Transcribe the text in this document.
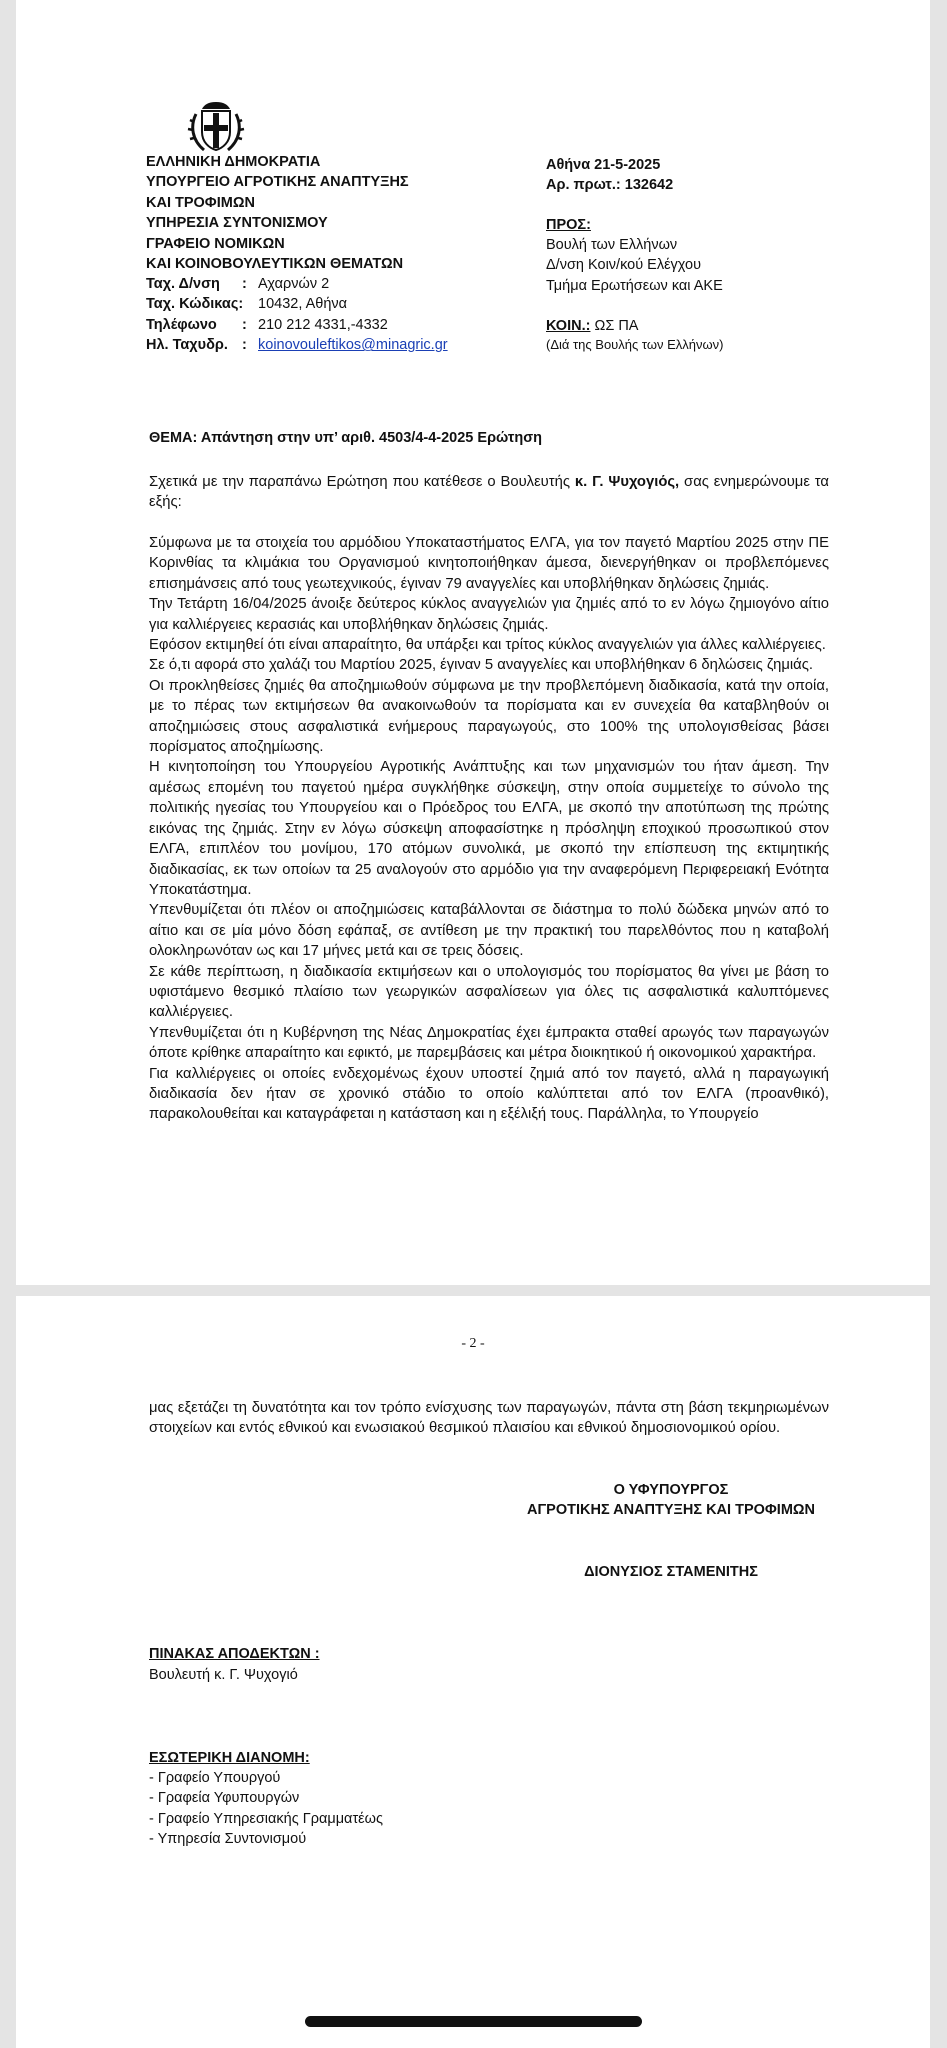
ΕΛΛΗΝΙΚΗ ΔΗΜΟΚΡΑΤΙΑ
ΥΠΟΥΡΓΕΙΟ ΑΓΡΟΤΙΚΗΣ ΑΝΑΠΤΥΞΗΣ
ΚΑΙ ΤΡΟΦΙΜΩΝ
ΥΠΗΡΕΣΙΑ ΣΥΝΤΟΝΙΣΜΟΥ
ΓΡΑΦΕΙΟ ΝΟΜΙΚΩΝ
ΚΑΙ ΚΟΙΝΟΒΟΥΛΕΥΤΙΚΩΝ ΘΕΜΑΤΩΝ
Ταχ. Δ/νση	: Αχαρνών 2
Ταχ. Κώδικας:	10432, Αθήνα
Τηλέφωνο	: 210 212 4331,-4332
Ηλ. Ταχυδρ. : koinovouleftikos@minagric.gr
Αθήνα 21-5-2025
Αρ. πρωτ.: 132642
ΠΡΟΣ:
Βουλή των Ελλήνων
Δ/νση Κοιν/κού Ελέγχου
Τμήμα Ερωτήσεων και ΑΚΕ
ΚΟΙΝ.: ΩΣ ΠΑ
(Διά της Βουλής των Ελλήνων)
ΘΕΜΑ: Απάντηση στην υπ’ αριθ. 4503/4-4-2025 Ερώτηση
Σχετικά με την παραπάνω Ερώτηση που κατέθεσε ο Βουλευτής κ. Γ. Ψυχογιός, σας ενημερώνουμε τα εξής:
Σύμφωνα με τα στοιχεία του αρμόδιου Υποκαταστήματος ΕΛΓΑ, για τον παγετό Μαρτίου 2025 στην ΠΕ Κορινθίας τα κλιμάκια του Οργανισμού κινητοποιήθηκαν άμεσα, διενεργήθηκαν οι προβλεπόμενες επισημάνσεις από τους γεωτεχνικούς, έγιναν 79 αναγγελίες και υποβλήθηκαν δηλώσεις ζημιάς.
Την Τετάρτη 16/04/2025 άνοιξε δεύτερος κύκλος αναγγελιών για ζημιές από το εν λόγω ζημιογόνο αίτιο για καλλιέργειες κερασιάς και υποβλήθηκαν δηλώσεις ζημιάς.
Εφόσον εκτιμηθεί ότι είναι απαραίτητο, θα υπάρξει και τρίτος κύκλος αναγγελιών για άλλες καλλιέργειες.
Σε ό,τι αφορά στο χαλάζι του Μαρτίου 2025, έγιναν 5 αναγγελίες και υποβλήθηκαν 6 δηλώσεις ζημιάς.
Οι προκληθείσες ζημιές θα αποζημιωθούν σύμφωνα με την προβλεπόμενη διαδικασία, κατά την οποία, με το πέρας των εκτιμήσεων θα ανακοινωθούν τα πορίσματα και εν συνεχεία θα καταβληθούν οι αποζημιώσεις στους ασφαλιστικά ενήμερους παραγωγούς, στο 100% της υπολογισθείσας βάσει πορίσματος αποζημίωσης.
Η κινητοποίηση του Υπουργείου Αγροτικής Ανάπτυξης και των μηχανισμών του ήταν άμεση. Την αμέσως επομένη του παγετού ημέρα συγκλήθηκε σύσκεψη, στην οποία συμμετείχε το σύνολο της πολιτικής ηγεσίας του Υπουργείου και ο Πρόεδρος του ΕΛΓΑ, με σκοπό την αποτύπωση της πρώτης εικόνας της ζημιάς. Στην εν λόγω σύσκεψη αποφασίστηκε η πρόσληψη εποχικού προσωπικού στον ΕΛΓΑ, επιπλέον του μονίμου, 170 ατόμων συνολικά, με σκοπό την επίσπευση της εκτιμητικής διαδικασίας, εκ των οποίων τα 25 αναλογούν στο αρμόδιο για την αναφερόμενη Περιφερειακή Ενότητα Υποκατάστημα.
Υπενθυμίζεται ότι πλέον οι αποζημιώσεις καταβάλλονται σε διάστημα το πολύ δώδεκα μηνών από το αίτιο και σε μία μόνο δόση εφάπαξ, σε αντίθεση με την πρακτική του παρελθόντος που η καταβολή ολοκληρωνόταν ως και 17 μήνες μετά και σε τρεις δόσεις.
Σε κάθε περίπτωση, η διαδικασία εκτιμήσεων και ο υπολογισμός του πορίσματος θα γίνει με βάση το υφιστάμενο θεσμικό πλαίσιο των γεωργικών ασφαλίσεων για όλες τις ασφαλιστικά καλυπτόμενες καλλιέργειες.
Υπενθυμίζεται ότι η Κυβέρνηση της Νέας Δημοκρατίας έχει έμπρακτα σταθεί αρωγός των παραγωγών όποτε κρίθηκε απαραίτητο και εφικτό, με παρεμβάσεις και μέτρα διοικητικού ή οικονομικού χαρακτήρα.
Για καλλιέργειες οι οποίες ενδεχομένως έχουν υποστεί ζημιά από τον παγετό, αλλά η παραγωγική διαδικασία δεν ήταν σε χρονικό στάδιο το οποίο καλύπτεται από τον ΕΛΓΑ (προανθικό), παρακολουθείται και καταγράφεται η κατάσταση και η εξέλιξή τους. Παράλληλα, το Υπουργείο
- 2 -
μας εξετάζει τη δυνατότητα και τον τρόπο ενίσχυσης των παραγωγών, πάντα στη βάση τεκμηριωμένων στοιχείων και εντός εθνικού και ενωσιακού θεσμικού πλαισίου και εθνικού δημοσιονομικού ορίου.
Ο ΥΦΥΠΟΥΡΓΟΣ
ΑΓΡΟΤΙΚΗΣ ΑΝΑΠΤΥΞΗΣ ΚΑΙ ΤΡΟΦΙΜΩΝ
ΔΙΟΝΥΣΙΟΣ ΣΤΑΜΕΝΙΤΗΣ
ΠΙΝΑΚΑΣ ΑΠΟΔΕΚΤΩΝ :
Βουλευτή κ. Γ. Ψυχογιό
ΕΣΩΤΕΡΙΚΗ ΔΙΑΝΟΜΗ:
- Γραφείο Υπουργού
- Γραφεία Υφυπουργών
- Γραφείο Υπηρεσιακής Γραμματέως
- Υπηρεσία Συντονισμού
